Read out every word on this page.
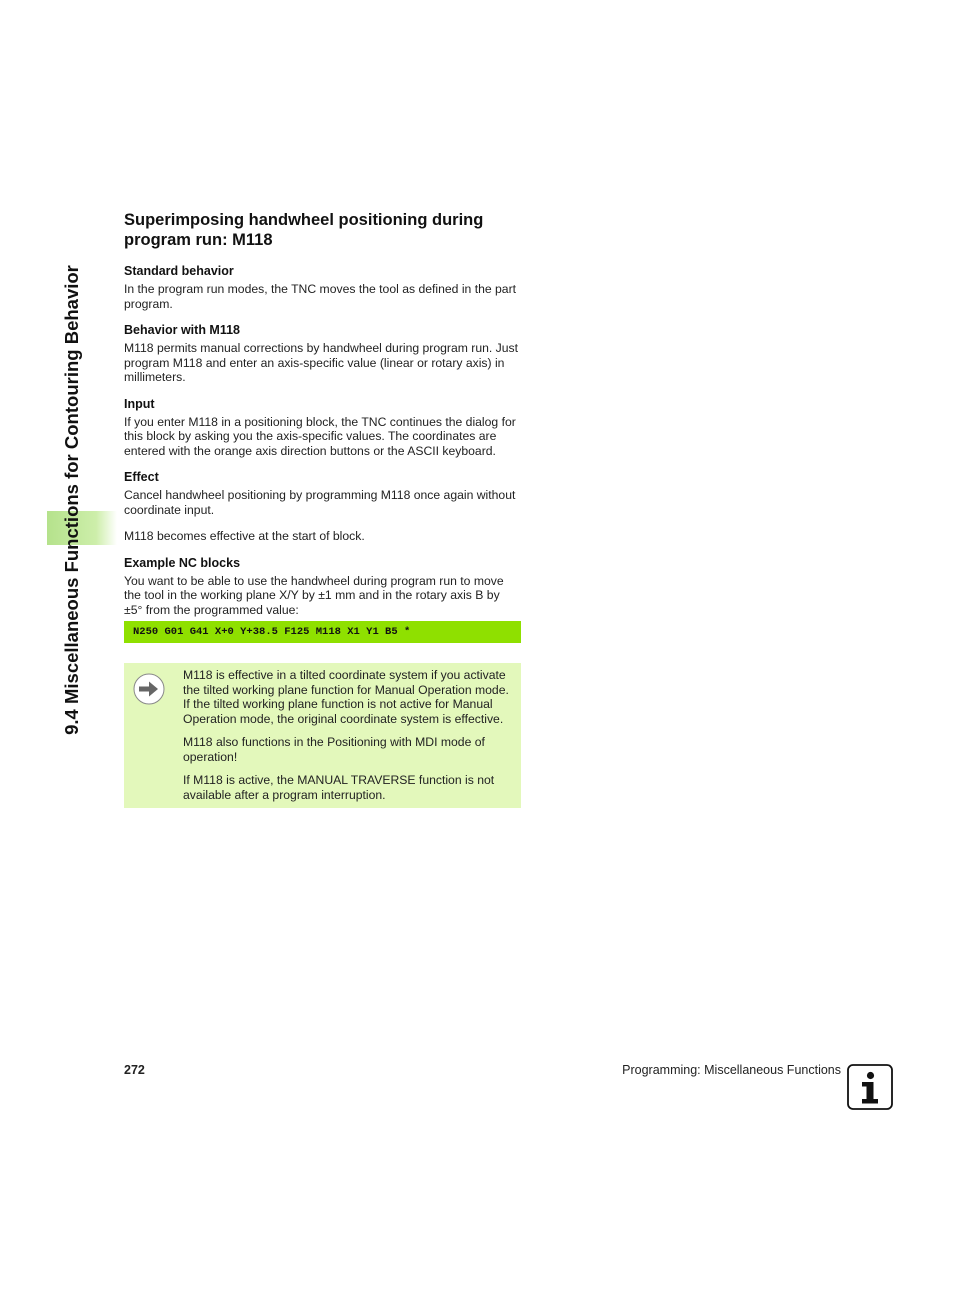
9.4 Miscellaneous Functions for Contouring Behavior
Superimposing handwheel positioning during program run: M118
Standard behavior

In the program run modes, the TNC moves the tool as defined in the part program.

Behavior with M118

M118 permits manual corrections by handwheel during program run. Just program M118 and enter an axis-specific value (linear or rotary axis) in millimeters.

Input

If you enter M118 in a positioning block, the TNC continues the dialog for this block by asking you the axis-specific values. The coordinates are entered with the orange axis direction buttons or the ASCII keyboard.

Effect

Cancel handwheel positioning by programming M118 once again without coordinate input.

M118 becomes effective at the start of block.

Example NC blocks

You want to be able to use the handwheel during program run to move the tool in the working plane X/Y by ±1 mm and in the rotary axis B by ±5° from the programmed value:

N250 G01 G41 X+0 Y+38.5 F125 M118 X1 Y1 B5 *

M118 is effective in a tilted coordinate system if you activate the tilted working plane function for Manual Operation mode. If the tilted working plane function is not active for Manual Operation mode, the original coordinate system is effective.

M118 also functions in the Positioning with MDI mode of operation!

If M118 is active, the MANUAL TRAVERSE function is not available after a program interruption.

272	Programming: Miscellaneous Functions
